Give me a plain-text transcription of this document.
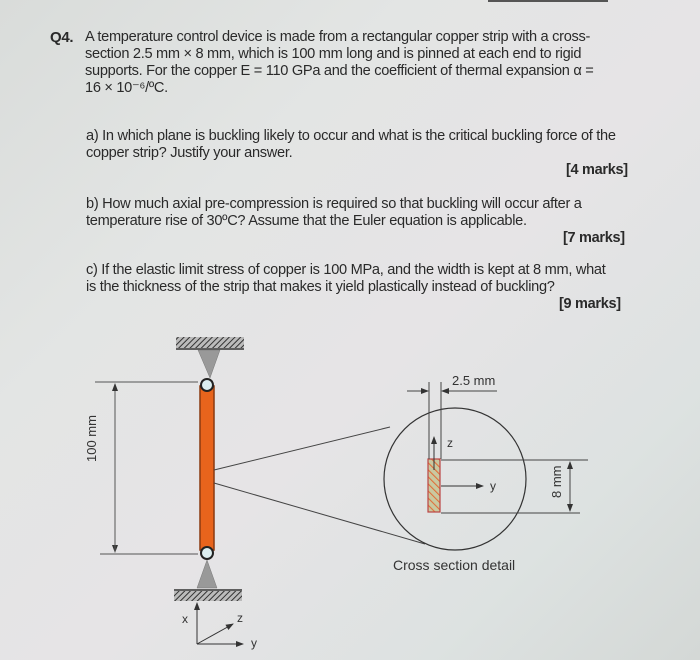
Q4. A temperature control device is made from a rectangular copper strip with a cross-
section 2.5 mm × 8 mm, which is 100 mm long and is pinned at each end to rigid
supports. For the copper E = 110 GPa and the coefficient of thermal expansion α =
16 × 10⁻⁶/ºC.
a) In which plane is buckling likely to occur and what is the critical buckling force of the
copper strip? Justify your answer.
[4 marks]
b) How much axial pre-compression is required so that buckling will occur after a
temperature rise of 30ºC? Assume that the Euler equation is applicable.
[7 marks]
c) If the elastic limit stress of copper is 100 MPa, and the width is kept at 8 mm, what
is the thickness of the strip that makes it yield plastically instead of buckling?
[9 marks]
100 mm
2.5 mm
8 mm
x	z
y
z
y
Cross section detail
